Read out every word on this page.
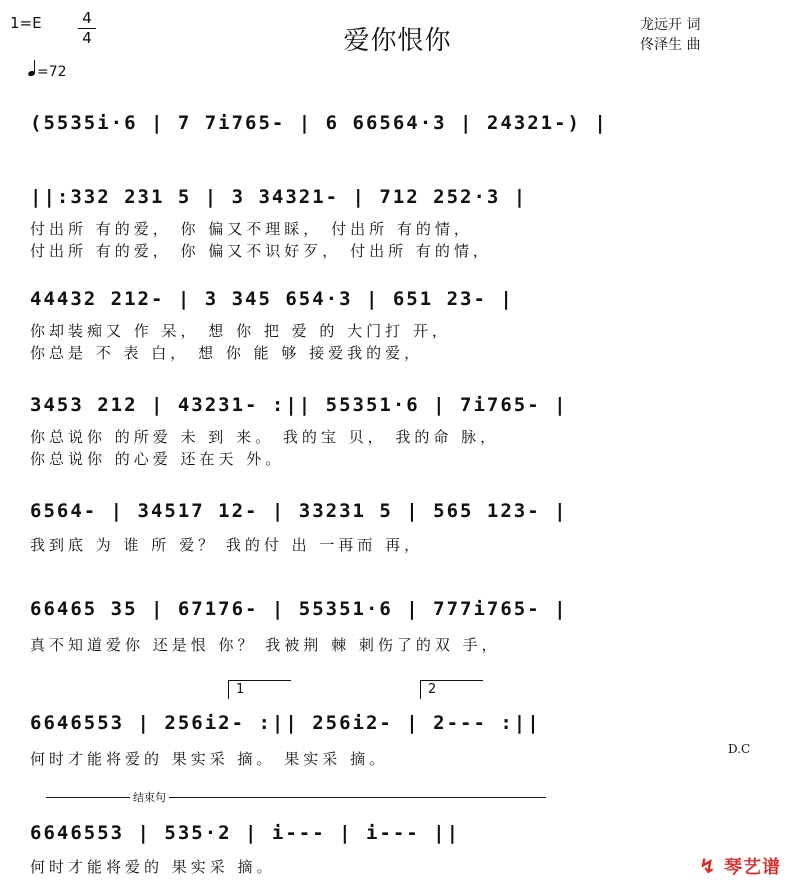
1=E	4
4
=72
爱你恨你
龙远开 词
佟泽生 曲
(5535i·6 | 7 7i765- | 6 66564·3 | 24321-) |
||:332 231 5 | 3 34321- | 712 252·3 |
付出所 有的爱， 你 偏又不理睬， 付出所 有的情，
付出所 有的爱， 你 偏又不识好歹， 付出所 有的情，
44432 212- | 3 345 654·3 | 651 23- |
你却装痴又 作 呆， 想 你 把 爱 的 大门打 开，
你总是 不 表 白， 想 你 能 够 接爱我的爱，
3453 212 | 43231- :|| 55351·6 | 7i765- |
你总说你 的所爱 未 到 来。 我的宝 贝， 我的命 脉，
你总说你 的心爱 还在天 外。
6564- | 34517 12- | 33231 5 | 565 123- |
我到底 为 谁 所 爱？ 我的付 出 一再而 再，
66465 35 | 67176- | 55351·6 | 777i765- |
真不知道爱你 还是恨 你？ 我被荆 棘 刺伤了的双 手，
1	2
6646553 | 256i2- :|| 256i2- | 2--- :||
何时才能将爱的 果实采 摘。 果实采 摘。
D.C
结束句
6646553 | 535·2 | i--- | i--- ||
何时才能将爱的 果实采 摘。	↯ 琴艺谱
